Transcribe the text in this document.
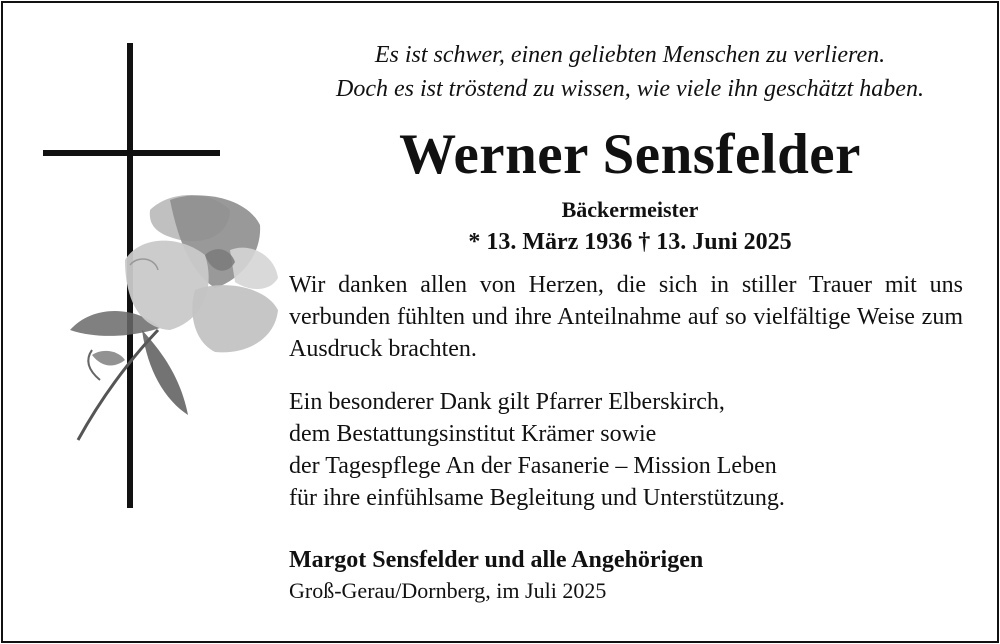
Es ist schwer, einen geliebten Menschen zu verlieren.
Doch es ist tröstend zu wissen, wie viele ihn geschätzt haben.
Werner Sensfelder
Bäckermeister
* 13. März 1936 † 13. Juni 2025
Wir danken allen von Herzen, die sich in stiller Trauer mit uns verbunden fühlten und ihre Anteilnahme auf so vielfältige Weise zum Ausdruck brachten.
Ein besonderer Dank gilt Pfarrer Elberskirch,
dem Bestattungsinstitut Krämer sowie
der Tagespflege An der Fasanerie – Mission Leben
für ihre einfühlsame Begleitung und Unterstützung.
Margot Sensfelder und alle Angehörigen
Groß-Gerau/Dornberg, im Juli 2025
